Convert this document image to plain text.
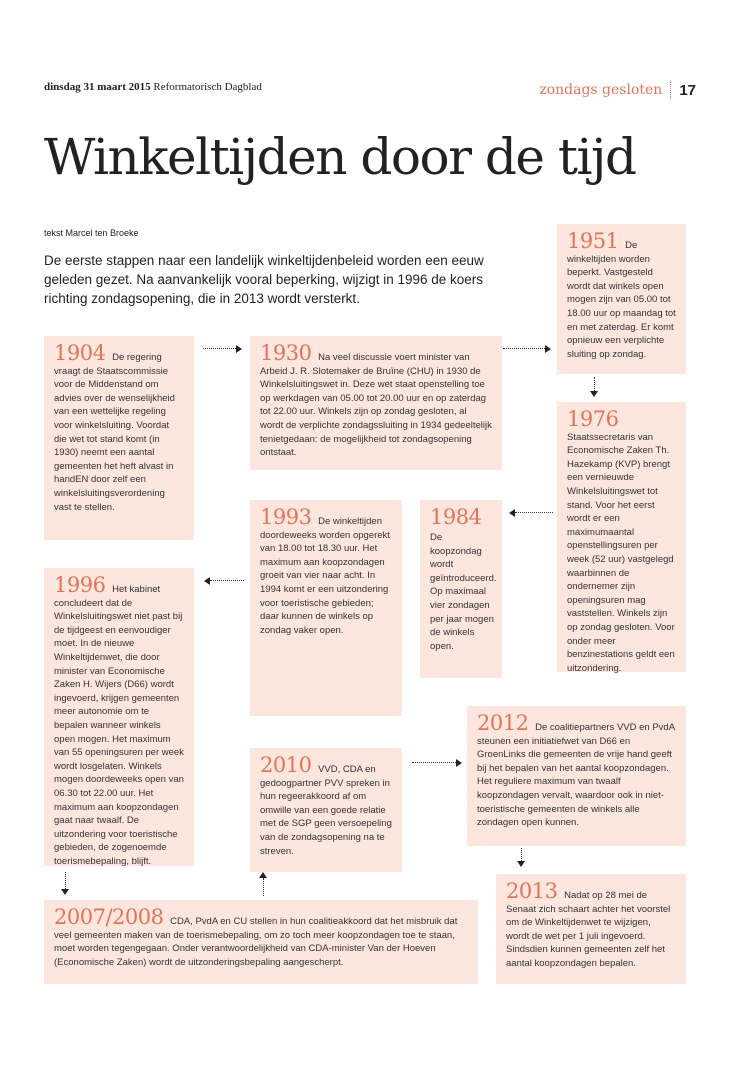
dinsdag 31 maart 2015 Reformatorisch Dagblad	zondags gesloten 17
Winkeltijden door de tijd
tekst Marcel ten Broeke

De eerste stappen naar een landelijk winkeltijdenbeleid worden een eeuw geleden gezet. Na aanvankelijk vooral beperking, wijzigt in 1996 de koers richting zondagsopening, die in 2013 wordt versterkt.

1904 De regering vraagt de Staatscommissie voor de Middenstand om advies over de wenselijkheid van een wettelijke regeling voor winkelsluiting. Voordat die wet tot stand komt (in 1930) neemt een aantal gemeenten het heft alvast in handEN door zelf een winkelsluitingsverordening vast te stellen.
1996 Het kabinet concludeert dat de Winkelsluitingswet niet past bij de tijdgeest en eenvoudiger moet. In de nieuwe Winkeltijdenwet, die door minister van Economische Zaken H. Wijers (D66) wordt ingevoerd, krijgen gemeenten meer autonomie om te bepalen wanneer winkels open mogen. Het maximum van 55 openingsuren per week wordt losgelaten. Winkels mogen doordeweeks open van 06.30 tot 22.00 uur. Het maximum aan koopzondagen gaat naar twaalf. De uitzondering voor toeristische gebieden, de zogenoemde toerismebepaling, blijft.
1930 Na veel discussie voert minister van Arbeid J. R. Slotemaker de Bruïne (CHU) in 1930 de Winkelsluitingswet in. Deze wet staat openstelling toe op werkdagen van 05.00 tot 20.00 uur en op zaterdag tot 22.00 uur. Winkels zijn op zondag gesloten, al wordt de verplichte zondagssluiting in 1934 gedeeltelijk tenietgedaan: de mogelijkheid tot zondagsopening ontstaat.
1993 De winkeltijden doordeweeks worden opgerekt van 18.00 tot 18.30 uur. Het maximum aan koopzondagen groeit van vier naar acht. In 1994 komt er een uitzondering voor toeristische gebieden; daar kunnen de winkels op zondag vaker open.
1984
De koopzondag wordt geïntroduceerd. Op maximaal vier zondagen per jaar mogen de winkels open.
2010 VVD, CDA en gedoogpartner PVV spreken in hun regeerakkoord af om omwille van een goede relatie met de SGP geen versoepeling van de zondagsopening na te streven.
1951 De winkeltijden worden beperkt. Vastgesteld wordt dat winkels open mogen zijn van 05.00 tot 18.00 uur op maandag tot en met zaterdag. Er komt opnieuw een verplichte sluiting op zondag.
1976 Staatssecretaris van Economische Zaken Th. Hazekamp (KVP) brengt een vernieuwde Winkelsluitingswet tot stand. Voor het eerst wordt er een maximumaantal openstellingsuren per week (52 uur) vastgelegd waarbinnen de ondernemer zijn openingsuren mag vaststellen. Winkels zijn op zondag gesloten. Voor onder meer benzinestations geldt een uitzondering.
2012 De coalitiepartners VVD en PvdA steunen een initiatiefwet van D66 en GroenLinks die gemeenten de vrije hand geeft bij het bepalen van het aantal koopzondagen. Het reguliere maximum van twaalf koopzondagen vervalt, waardoor ook in niet-toeristische gemeenten de winkels alle zondagen open kunnen.
2013 Nadat op 28 mei de Senaat zich schaart achter het voorstel om de Winkeltijdenwet te wijzigen, wordt de wet per 1 juli ingevoerd. Sindsdien kunnen gemeenten zelf het aantal koopzondagen bepalen.
2007/2008 CDA, PvdA en CU stellen in hun coalitieakkoord dat het misbruik dat veel gemeenten maken van de toerismebepaling, om zo toch meer koopzondagen toe te staan, moet worden tegengegaan. Onder verantwoordelijkheid van CDA-minister Van der Hoeven (Economische Zaken) wordt de uitzonderingsbepaling aangescherpt.
